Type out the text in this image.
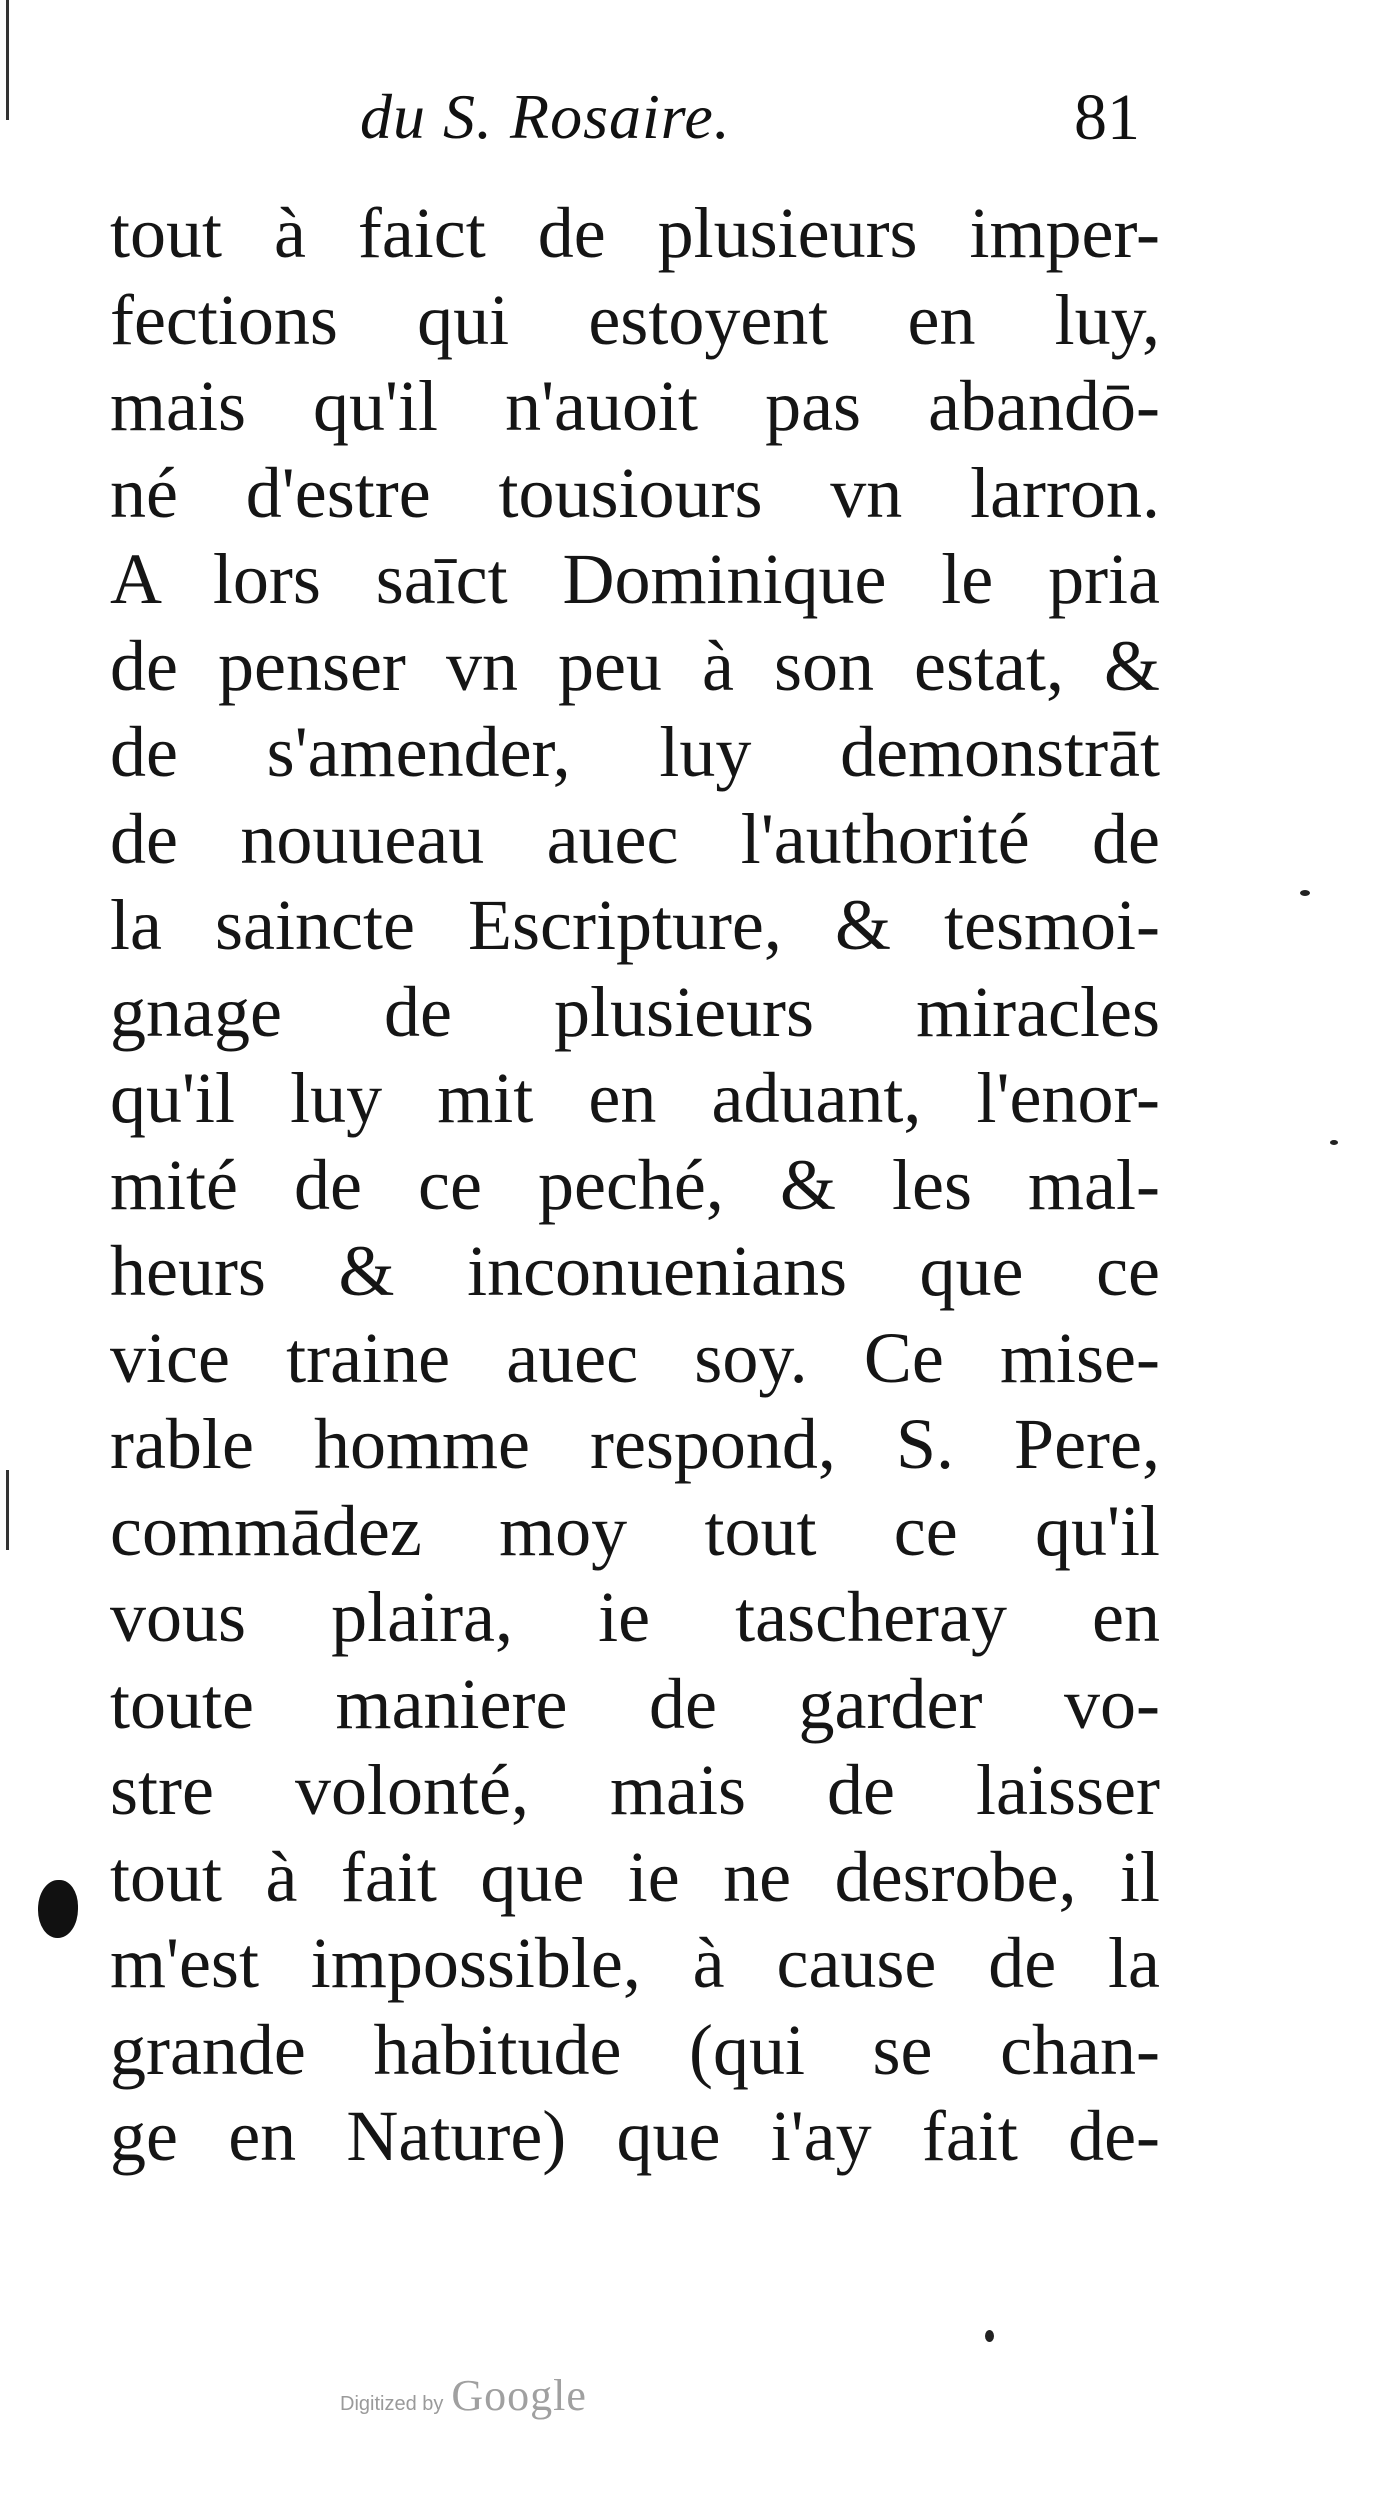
du S. Rosaire.	81
tout à faict de plusieurs imper-
fections qui estoyent en luy,
mais qu'il n'auoit pas abandō-
né d'estre tousiours vn larron.
A lors saīct Dominique le pria
de penser vn peu à son estat, &
de s'amender, luy demonstrāt
de nouueau auec l'authorité de
la saincte Escripture, & tesmoi-
gnage de plusieurs miracles
qu'il luy mit en aduant, l'enor-
mité de ce peché, & les mal-
heurs & inconuenians que ce
vice traine auec soy. Ce mise-
rable homme respond, S. Pere,
commādez moy tout ce qu'il
vous plaira, ie tascheray en
toute maniere de garder vo-
stre volonté, mais de laisser
tout à fait que ie ne desrobe, il
m'est impossible, à cause de la
grande habitude (qui se chan-
ge en Nature) que i'ay fait de-
Digitized by Google
